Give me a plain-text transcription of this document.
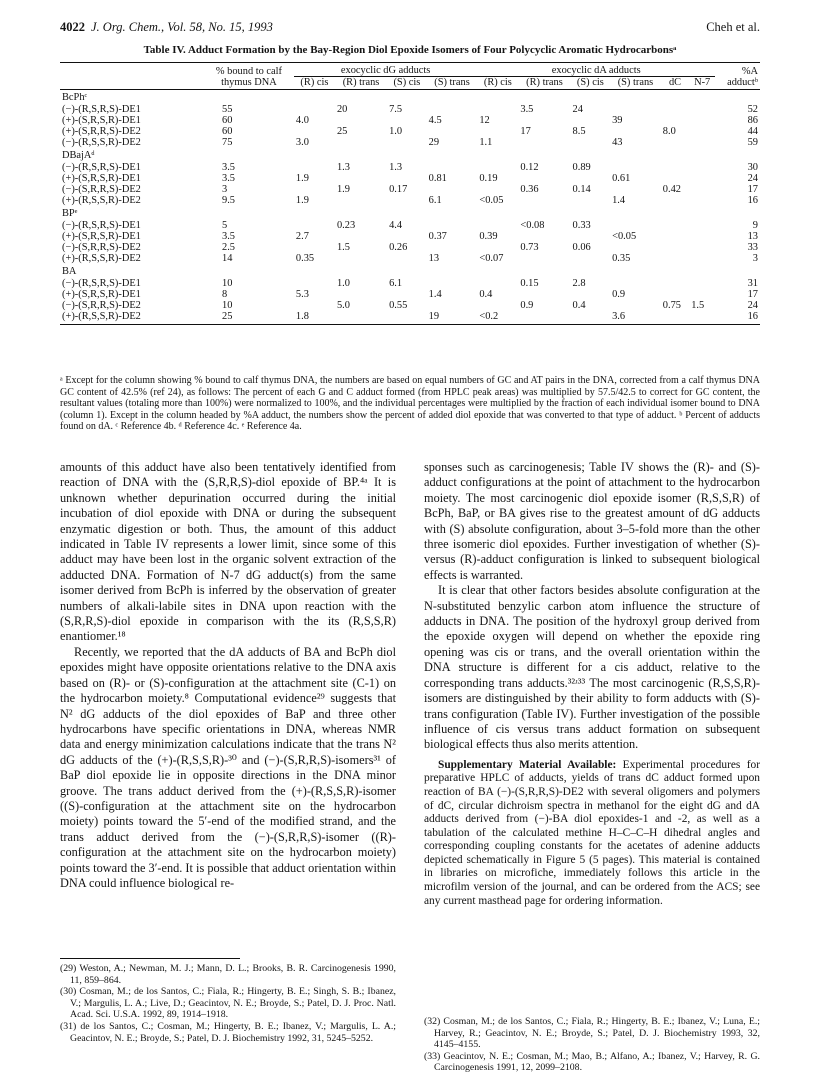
4022 J. Org. Chem., Vol. 58, No. 15, 1993	Cheh et al.
Table IV. Adduct Formation by the Bay-Region Diol Epoxide Isomers of Four Polycyclic Aromatic Hydrocarbonsᵃ
	% bound to calf	exocyclic dG adducts				exocyclic dA adducts						%A
	thymus DNA	(R) cis	(R) trans	(S) cis	(S) trans	(R) cis	(R) trans	(S) cis	(S) trans	dC	N-7	adductᵇ
BcPhᶜ												
(−)-(R,S,R,S)-DE1	55		20	7.5			3.5	24				52
(+)-(S,R,S,R)-DE1	60	4.0			4.5	12			39			86
(+)-(S,R,R,S)-DE2	60		25	1.0			17	8.5		8.0		44
(−)-(R,S,S,R)-DE2	75	3.0			29	1.1			43			59
DBajAᵈ												
(−)-(R,S,R,S)-DE1	3.5		1.3	1.3			0.12	0.89				30
(+)-(S,R,S,R)-DE1	3.5	1.9			0.81	0.19			0.61			24
(−)-(S,R,R,S)-DE2	3		1.9	0.17			0.36	0.14		0.42		17
(+)-(R,S,S,R)-DE2	9.5	1.9			6.1	<0.05			1.4			16
BPᵉ												
(−)-(R,S,R,S)-DE1	5		0.23	4.4			<0.08	0.33				9
(+)-(S,R,S,R)-DE1	3.5	2.7			0.37	0.39			<0.05			13
(−)-(S,R,R,S)-DE2	2.5		1.5	0.26			0.73	0.06				33
(+)-(R,S,S,R)-DE2	14	0.35			13	<0.07			0.35			3
BA												
(−)-(R,S,R,S)-DE1	10		1.0	6.1			0.15	2.8				31
(+)-(S,R,S,R)-DE1	8	5.3			1.4	0.4			0.9			17
(−)-(S,R,R,S)-DE2	10		5.0	0.55			0.9	0.4		0.75	1.5	24
(+)-(R,S,S,R)-DE2	25	1.8			19	<0.2			3.6			16
ᵃ Except for the column showing % bound to calf thymus DNA, the numbers are based on equal numbers of GC and AT pairs in the DNA, corrected from a calf thymus DNA GC content of 42.5% (ref 24), as follows: The percent of each G and C adduct formed (from HPLC peak areas) was multiplied by 57.5/42.5 to correct for GC content, the resultant values (totaling more than 100%) were normalized to 100%, and the individual percentages were multiplied by the fraction of each individual isomer bound to DNA (column 1). Except in the column headed by %A adduct, the numbers show the percent of added diol epoxide that was converted to that type of adduct. ᵇ Percent of adducts found on dA. ᶜ Reference 4b. ᵈ Reference 4c. ᵉ Reference 4a.

amounts of this adduct have also been tentatively identified from reaction of DNA with the (S,R,R,S)-diol epoxide of BP.⁴ᵃ It is unknown whether depurination occurred during the initial incubation of diol epoxide with DNA or during the subsequent enzymatic digestion or both. Thus, the amount of this adduct indicated in Table IV represents a lower limit, since some of this adduct may have been lost in the organic solvent extraction of the adducted DNA. Formation of N-7 dG adduct(s) from the same isomer derived from BcPh is inferred by the observation of greater numbers of alkali-labile sites in DNA upon reaction with the (S,R,R,S)-diol epoxide in comparison with the its (R,S,S,R) enantiomer.¹⁸

Recently, we reported that the dA adducts of BA and BcPh diol epoxides might have opposite orientations relative to the DNA axis based on (R)- or (S)-configuration at the attachment site (C-1) on the hydrocarbon moiety.⁸ Computational evidence²⁹ suggests that N² dG adducts of the diol epoxides of BaP and three other hydrocarbons have specific orientations in DNA, whereas NMR data and energy minimization calculations indicate that the trans N² dG adducts of the (+)-(R,S,S,R)-³⁰ and (−)-(S,R,R,S)-isomers³¹ of BaP diol epoxide lie in opposite directions in the DNA minor groove. The trans adduct derived from the (+)-(R,S,S,R)-isomer ((S)-configuration at the attachment site on the hydrocarbon moiety) points toward the 5′-end of the modified strand, and the trans adduct derived from the (−)-(S,R,R,S)-isomer ((R)-configuration at the attachment site on the hydrocarbon moiety) points toward the 3′-end. It is possible that adduct orientation within DNA could influence biological re-

sponses such as carcinogenesis; Table IV shows the (R)- and (S)-adduct configurations at the point of attachment to the hydrocarbon moiety. The most carcinogenic diol epoxide isomer (R,S,S,R) of BcPh, BaP, or BA gives rise to the greatest amount of dG adducts with (S) absolute configuration, about 3–5-fold more than the other three isomeric diol epoxides. Further investigation of whether (S)- versus (R)-adduct configuration is linked to subsequent biological effects is warranted.

It is clear that other factors besides absolute configuration at the N-substituted benzylic carbon atom influence the structure of adducts in DNA. The position of the hydroxyl group derived from the epoxide oxygen will depend on whether the epoxide ring opening was cis or trans, and the overall orientation within the DNA structure is different for a cis adduct, relative to the corresponding trans adducts.³²ʴ³³ The most carcinogenic (R,S,S,R)-isomers are distinguished by their ability to form adducts with (S)-trans configuration (Table IV). Further investigation of the possible influence of cis versus trans adduct formation on subsequent biological effects thus also merits attention.

Supplementary Material Available: Experimental procedures for preparative HPLC of adducts, yields of trans dC adduct formed upon reaction of BA (−)-(S,R,R,S)-DE2 with several oligomers and polymers of dC, circular dichroism spectra in methanol for the eight dG and dA adducts derived from (−)-BA diol epoxides-1 and -2, as well as a tabulation of the calculated methine H–C–C–H dihedral angles and corresponding coupling constants for the acetates of adenine adducts depicted schematically in Figure 5 (5 pages). This material is contained in libraries on microfiche, immediately follows this article in the microfilm version of the journal, and can be ordered from the ACS; see any current masthead page for ordering information.

(29) Weston, A.; Newman, M. J.; Mann, D. L.; Brooks, B. R. Carcinogenesis 1990, 11, 859–864.

(30) Cosman, M.; de los Santos, C.; Fiala, R.; Hingerty, B. E.; Singh, S. B.; Ibanez, V.; Margulis, L. A.; Live, D.; Geacintov, N. E.; Broyde, S.; Patel, D. J. Proc. Natl. Acad. Sci. U.S.A. 1992, 89, 1914–1918.

(31) de los Santos, C.; Cosman, M.; Hingerty, B. E.; Ibanez, V.; Margulis, L. A.; Geacintov, N. E.; Broyde, S.; Patel, D. J. Biochemistry 1992, 31, 5245–5252.

(32) Cosman, M.; de los Santos, C.; Fiala, R.; Hingerty, B. E.; Ibanez, V.; Luna, E.; Harvey, R.; Geacintov, N. E.; Broyde, S.; Patel, D. J. Biochemistry 1993, 32, 4145–4155.

(33) Geacintov, N. E.; Cosman, M.; Mao, B.; Alfano, A.; Ibanez, V.; Harvey, R. G. Carcinogenesis 1991, 12, 2099–2108.
